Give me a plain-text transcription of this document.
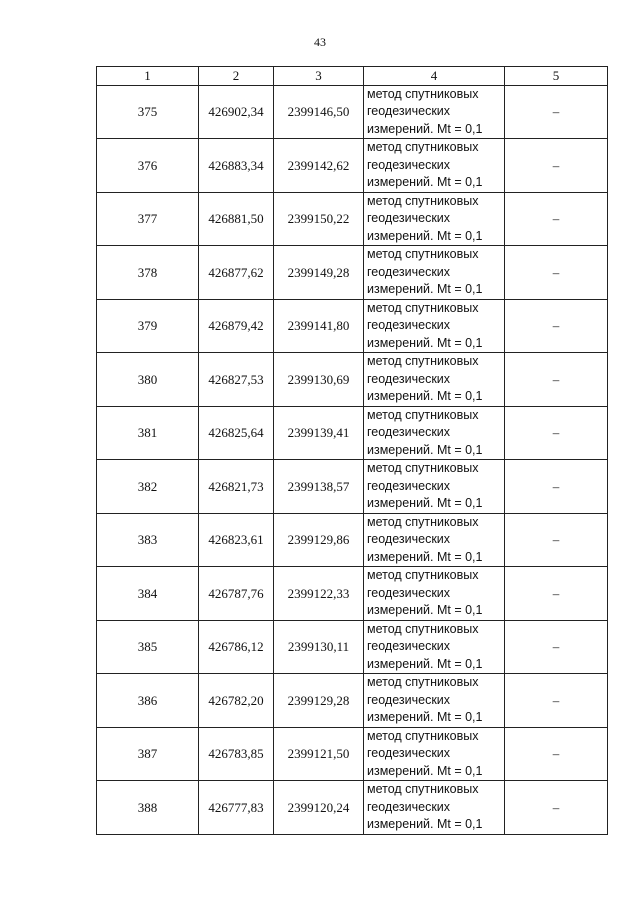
43
1	2	3	4	5
375	426902,34	2399146,50	метод спутниковых
геодезических
измерений. Mt = 0,1	–
376	426883,34	2399142,62	метод спутниковых
геодезических
измерений. Mt = 0,1	–
377	426881,50	2399150,22	метод спутниковых
геодезических
измерений. Mt = 0,1	–
378	426877,62	2399149,28	метод спутниковых
геодезических
измерений. Mt = 0,1	–
379	426879,42	2399141,80	метод спутниковых
геодезических
измерений. Mt = 0,1	–
380	426827,53	2399130,69	метод спутниковых
геодезических
измерений. Mt = 0,1	–
381	426825,64	2399139,41	метод спутниковых
геодезических
измерений. Mt = 0,1	–
382	426821,73	2399138,57	метод спутниковых
геодезических
измерений. Mt = 0,1	–
383	426823,61	2399129,86	метод спутниковых
геодезических
измерений. Mt = 0,1	–
384	426787,76	2399122,33	метод спутниковых
геодезических
измерений. Mt = 0,1	–
385	426786,12	2399130,11	метод спутниковых
геодезических
измерений. Mt = 0,1	–
386	426782,20	2399129,28	метод спутниковых
геодезических
измерений. Mt = 0,1	–
387	426783,85	2399121,50	метод спутниковых
геодезических
измерений. Mt = 0,1	–
388	426777,83	2399120,24	метод спутниковых
геодезических
измерений. Mt = 0,1	–
